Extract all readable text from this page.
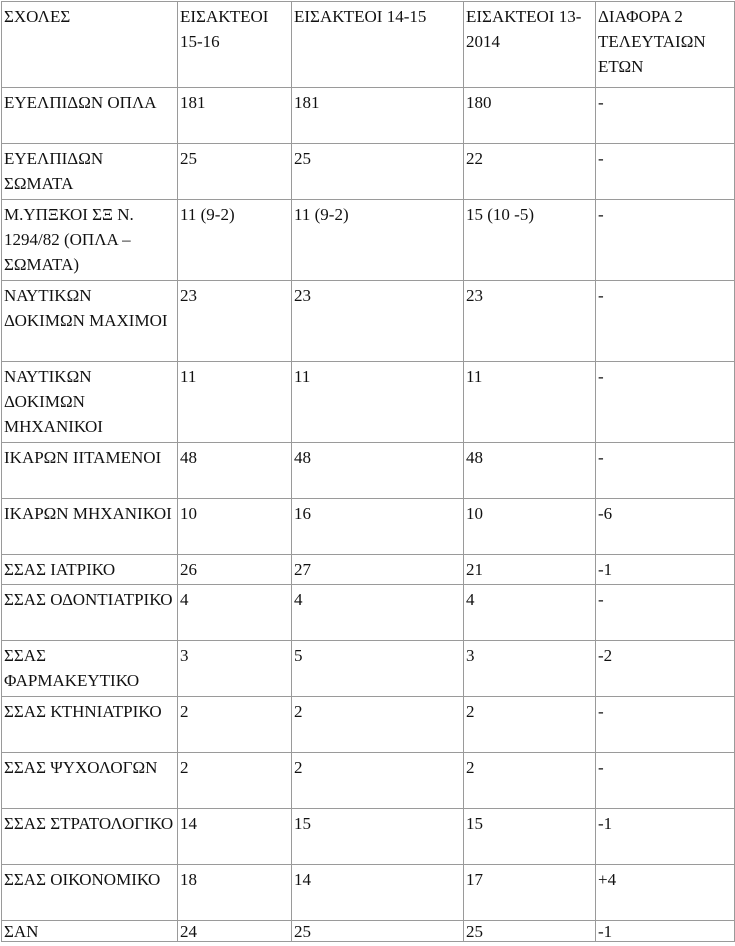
ΣΧΟΛΕΣ	ΕΙΣΑΚΤΕΟΙ 15-16	ΕΙΣΑΚΤΕΟΙ 14-15	ΕΙΣΑΚΤΕΟΙ 13-2014	ΔΙΑΦΟΡΑ 2 ΤΕΛΕΥΤΑΙΩΝ ΕΤΩΝ
ΕΥΕΛΠΙΔΩΝ ΟΠΛΑ	181	181	180	-
ΕΥΕΛΠΙΔΩΝ ΣΩΜΑΤΑ	25	25	22	-
Μ.ΥΠΞΚΟΙ ΣΞ Ν. 1294/82 (ΟΠΛΑ – ΣΩΜΑΤΑ)	11 (9-2)	11 (9-2)	15 (10 -5)	-
ΝΑΥΤΙΚΩΝ ΔΟΚΙΜΩΝ ΜΑΧΙΜΟΙ	23	23	23	-
ΝΑΥΤΙΚΩΝ ΔΟΚΙΜΩΝ ΜΗΧΑΝΙΚΟΙ	11	11	11	-
ΙΚΑΡΩΝ ΙΙΤΑΜΕΝΟΙ	48	48	48	-
ΙΚΑΡΩΝ ΜΗΧΑΝΙΚΟΙ	10	16	10	-6
ΣΣΑΣ ΙΑΤΡΙΚΟ	26	27	21	-1
ΣΣΑΣ ΟΔΟΝΤΙΑΤΡΙΚΟ	4	4	4	-
ΣΣΑΣ ΦΑΡΜΑΚΕΥΤΙΚΟ	3	5	3	-2
ΣΣΑΣ ΚΤΗΝΙΑΤΡΙΚΟ	2	2	2	-
ΣΣΑΣ ΨΥΧΟΛΟΓΩΝ	2	2	2	-
ΣΣΑΣ ΣΤΡΑΤΟΛΟΓΙΚΟ	14	15	15	-1
ΣΣΑΣ ΟΙΚΟΝΟΜΙΚΟ	18	14	17	+4
ΣΑΝ	24	25	25	-1
